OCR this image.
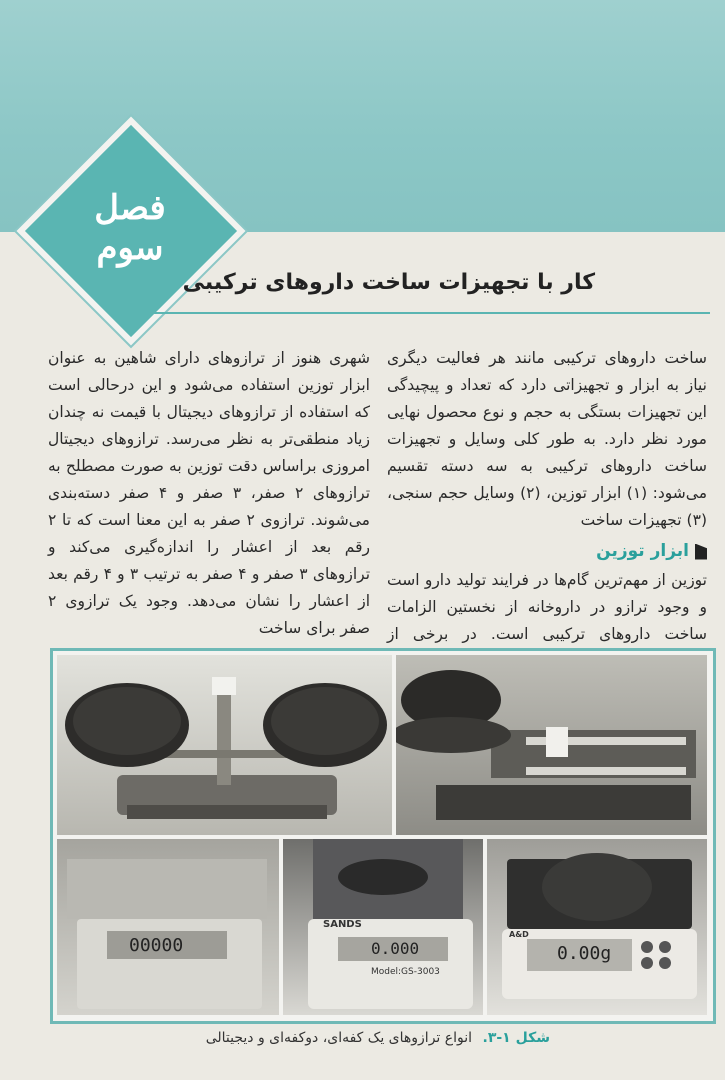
فصل
سوم
کار با تجهیزات ساخت داروهای ترکیبی

ساخت داروهای ترکیبی مانند هر فعالیت دیگری نیاز به ابزار و تجهیزاتی دارد که تعداد و پیچیدگی این تجهیزات بستگی به حجم و نوع محصول نهایی مورد نظر دارد. به طور کلی وسایل و تجهیزات ساخت داروهای ترکیبی به سه دسته تقسیم می‌شود: (۱) ابزار توزین، (۲) وسایل حجم سنجی، (۳) تجهیزات ساخت

ابزار توزین

توزین از مهم‌ترین گام‌ها در فرایند تولید دارو است و وجود ترازو در داروخانه از نخستین الزامات ساخت داروهای ترکیبی است. در برخی از

شهری هنوز از ترازوهای دارای شاهین به عنوان ابزار توزین استفاده می‌شود و این درحالی است که استفاده از ترازوهای دیجیتال با قیمت نه چندان زیاد منطقی‌تر به نظر می‌رسد. ترازوهای دیجیتال امروزی براساس دقت توزین به صورت مصطلح به ترازوهای ۲ صفر، ۳ صفر و ۴ صفر دسته‌بندی می‌شوند. ترازوی ۲ صفر به این معنا است که تا ۲ رقم بعد از اعشار را اندازه‌گیری می‌کند و ترازوهای ۳ صفر و ۴ صفر به ترتیب ۳ و ۴ رقم بعد از اعشار را نشان می‌دهد. وجود یک ترازوی ۲ صفر برای ساخت

00000
SANDS
0.000
Model:GS-3003
A&D
0.00g
شکل ۱-۳. انواع ترازوهای یک کفه‌ای، دوکفه‌ای و دیجیتالی
